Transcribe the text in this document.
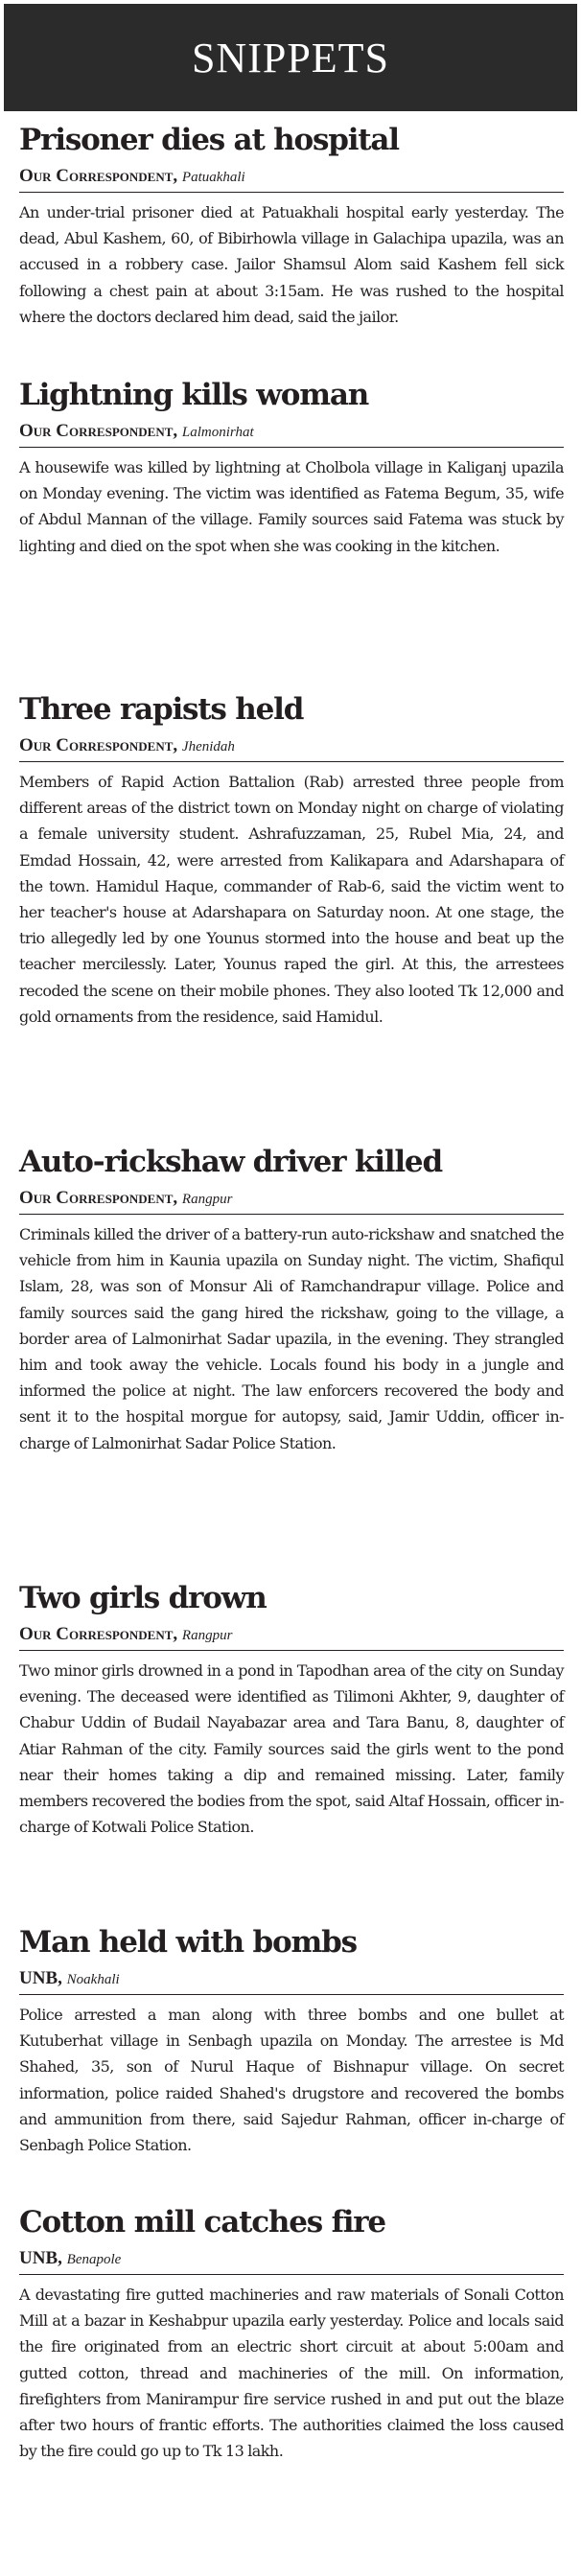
SNIPPETS
Prisoner dies at hospital
Our Correspondent, Patuakhali

An under-trial prisoner died at Patuakhali hospital early yesterday. The dead, Abul Kashem, 60, of Bibirhowla village in Galachipa upazila, was an accused in a robbery case. Jailor Shamsul Alom said Kashem fell sick following a chest pain at about 3:15am. He was rushed to the hospital where the doctors declared him dead, said the jailor.

Lightning kills woman
Our Correspondent, Lalmonirhat

A housewife was killed by lightning at Cholbola village in Kaliganj upazila on Monday evening. The victim was identified as Fatema Begum, 35, wife of Abdul Mannan of the village. Family sources said Fatema was stuck by lighting and died on the spot when she was cooking in the kitchen.

Three rapists held
Our Correspondent, Jhenidah

Members of Rapid Action Battalion (Rab) arrested three people from different areas of the district town on Monday night on charge of violating a female university student. Ashrafuzzaman, 25, Rubel Mia, 24, and Emdad Hossain, 42, were arrested from Kalikapara and Adarshapara of the town. Hamidul Haque, commander of Rab-6, said the victim went to her teacher's house at Adarshapara on Saturday noon. At one stage, the trio allegedly led by one Younus stormed into the house and beat up the teacher mercilessly. Later, Younus raped the girl. At this, the arrestees recoded the scene on their mobile phones. They also looted Tk 12,000 and gold ornaments from the residence, said Hamidul.

Auto-rickshaw driver killed
Our Correspondent, Rangpur

Criminals killed the driver of a battery-run auto-rickshaw and snatched the vehicle from him in Kaunia upazila on Sunday night. The victim, Shafiqul Islam, 28, was son of Monsur Ali of Ramchandrapur village. Police and family sources said the gang hired the rickshaw, going to the village, a border area of Lalmonirhat Sadar upazila, in the evening. They strangled him and took away the vehicle. Locals found his body in a jungle and informed the police at night. The law enforcers recovered the body and sent it to the hospital morgue for autopsy, said, Jamir Uddin, officer in-charge of Lalmonirhat Sadar Police Station.

Two girls drown
Our Correspondent, Rangpur

Two minor girls drowned in a pond in Tapodhan area of the city on Sunday evening. The deceased were identified as Tilimoni Akhter, 9, daughter of Chabur Uddin of Budail Nayabazar area and Tara Banu, 8, daughter of Atiar Rahman of the city. Family sources said the girls went to the pond near their homes taking a dip and remained missing. Later, family members recovered the bodies from the spot, said Altaf Hossain, officer in-charge of Kotwali Police Station.

Man held with bombs
UNB, Noakhali

Police arrested a man along with three bombs and one bullet at Kutuberhat village in Senbagh upazila on Monday. The arrestee is Md Shahed, 35, son of Nurul Haque of Bishnapur village. On secret information, police raided Shahed's drugstore and recovered the bombs and ammunition from there, said Sajedur Rahman, officer in-charge of Senbagh Police Station.

Cotton mill catches fire
UNB, Benapole

A devastating fire gutted machineries and raw materials of Sonali Cotton Mill at a bazar in Keshabpur upazila early yesterday. Police and locals said the fire originated from an electric short circuit at about 5:00am and gutted cotton, thread and machineries of the mill. On information, firefighters from Manirampur fire service rushed in and put out the blaze after two hours of frantic efforts. The authorities claimed the loss caused by the fire could go up to Tk 13 lakh.
